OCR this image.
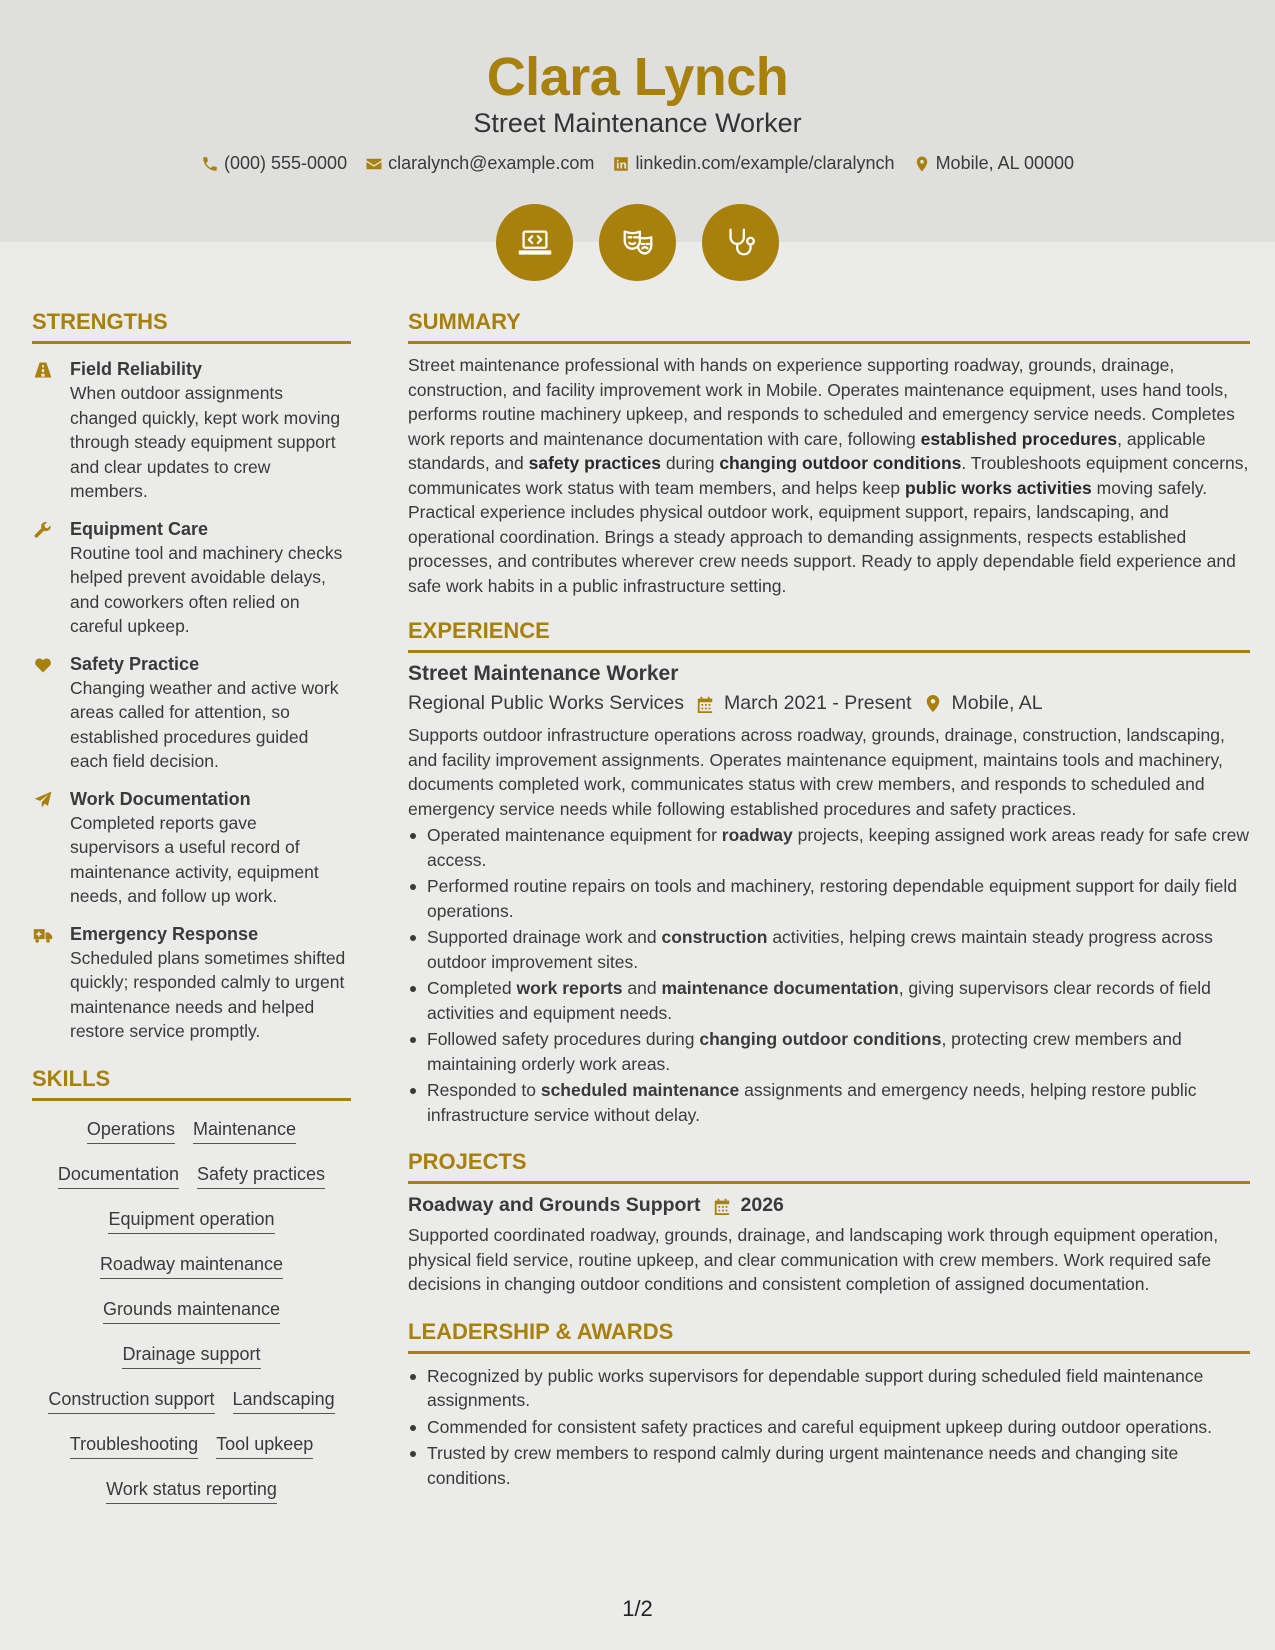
Clara Lynch
Street Maintenance Worker
(000) 555-0000 claralynch@example.com linkedin.com/example/claralynch Mobile, AL 00000
STRENGTHS
Field Reliability
When outdoor assignments changed quickly, kept work moving through steady equipment support and clear updates to crew members.
Equipment Care
Routine tool and machinery checks helped prevent avoidable delays, and coworkers often relied on careful upkeep.
Safety Practice
Changing weather and active work areas called for attention, so established procedures guided each field decision.
Work Documentation
Completed reports gave supervisors a useful record of maintenance activity, equipment needs, and follow up work.
Emergency Response
Scheduled plans sometimes shifted quickly; responded calmly to urgent maintenance needs and helped restore service promptly.
SKILLS
Operations Maintenance
Documentation Safety practices
Equipment operation
Roadway maintenance
Grounds maintenance
Drainage support
Construction support Landscaping
Troubleshooting Tool upkeep
Work status reporting
SUMMARY
Street maintenance professional with hands on experience supporting roadway, grounds, drainage, construction, and facility improvement work in Mobile. Operates maintenance equipment, uses hand tools, performs routine machinery upkeep, and responds to scheduled and emergency service needs. Completes work reports and maintenance documentation with care, following established procedures, applicable standards, and safety practices during changing outdoor conditions. Troubleshoots equipment concerns, communicates work status with team members, and helps keep public works activities moving safely. Practical experience includes physical outdoor work, equipment support, repairs, landscaping, and operational coordination. Brings a steady approach to demanding assignments, respects established processes, and contributes wherever crew needs support. Ready to apply dependable field experience and safe work habits in a public infrastructure setting.
EXPERIENCE
Street Maintenance Worker
Regional Public Works Services March 2021 - Present Mobile, AL
Supports outdoor infrastructure operations across roadway, grounds, drainage, construction, landscaping, and facility improvement assignments. Operates maintenance equipment, maintains tools and machinery, documents completed work, communicates status with crew members, and responds to scheduled and emergency service needs while following established procedures and safety practices.
Operated maintenance equipment for roadway projects, keeping assigned work areas ready for safe crew access.
Performed routine repairs on tools and machinery, restoring dependable equipment support for daily field operations.
Supported drainage work and construction activities, helping crews maintain steady progress across outdoor improvement sites.
Completed work reports and maintenance documentation, giving supervisors clear records of field activities and equipment needs.
Followed safety procedures during changing outdoor conditions, protecting crew members and maintaining orderly work areas.
Responded to scheduled maintenance assignments and emergency needs, helping restore public infrastructure service without delay.
PROJECTS
Roadway and Grounds Support 2026
Supported coordinated roadway, grounds, drainage, and landscaping work through equipment operation, physical field service, routine upkeep, and clear communication with crew members. Work required safe decisions in changing outdoor conditions and consistent completion of assigned documentation.
LEADERSHIP & AWARDS
Recognized by public works supervisors for dependable support during scheduled field maintenance assignments.
Commended for consistent safety practices and careful equipment upkeep during outdoor operations.
Trusted by crew members to respond calmly during urgent maintenance needs and changing site conditions.
1/2
